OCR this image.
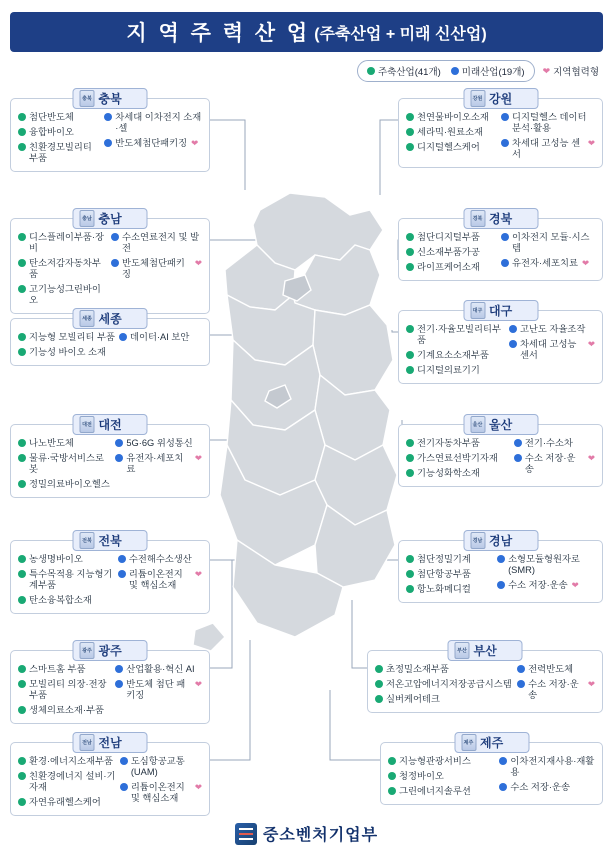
지 역 주 력 산 업 (주축산업 + 미래 신산업)
주축산업(41개) 미래산업(19개) ❤ 지역협력형
충북 충북
첨단반도체
융합바이오
친환경모빌리티부품
차세대 이차전지 소재·셀
반도체첨단패키징 ❤
충남 충남
디스플레이부품·장비
탄소저감자동차부품
고기능성그린바이오
수소연료전지 및 발전
반도체첨단패키징
❤
세종 세종
지능형 모빌리티 부품
기능성 바이오 소재
데이터·AI 보안
대전 대전
나노반도체
물류·국방서비스로봇
정밀의료바이오헬스
5G·6G 위성통신
유전자·세포치료
❤
전북 전북
농생명바이오
특수목적용 지능형기계부품
탄소융복합소재
수전해수소생산
리튬이온전지 및 핵심소재
❤
광주 광주
스마트홈 부품
모빌리티 의장·전장부품
생체의료소재·부품
산업활용·혁신 AI
반도체 첨단 패키징
❤
전남 전남
환경·에너지소재부품
친환경에너지 설비·기자재
자연유래헬스케어
도심항공교통(UAM)
리튬이온전지 및 핵심소재
❤
강원 강원
천연물바이오소재
세라믹·원료소재
디지털헬스케어
디지털헬스 데이터 분석·활용
차세대 고성능 센서
❤
경북 경북
첨단디지털부품
신소재부품가공
라이프케어소재
이차전지 모듈·시스템
유전자·세포치료 ❤
대구 대구
전기·자율모빌리티부품
기계요소소재부품
디지털의료기기
고난도 자율조작
차세대 고성능 센서
❤
울산 울산
전기자동차부품
가스연료선박기자재
기능성화학소재
전기·수소차
수소 저장·운송
❤
경남 경남
첨단정밀기계
첨단항공부품
항노화메디컬
소형모듈형원자로(SMR)
수소 저장·운송 ❤
부산 부산
초정밀소재부품
저온고압에너지저장공급시스템
실버케어테크
전력반도체
수소 저장·운송
❤
제주 제주
지능형관광서비스
청정바이오
그린에너지솔루션
이차전지재사용·재활용
수소 저장·운송
중소벤처기업부
